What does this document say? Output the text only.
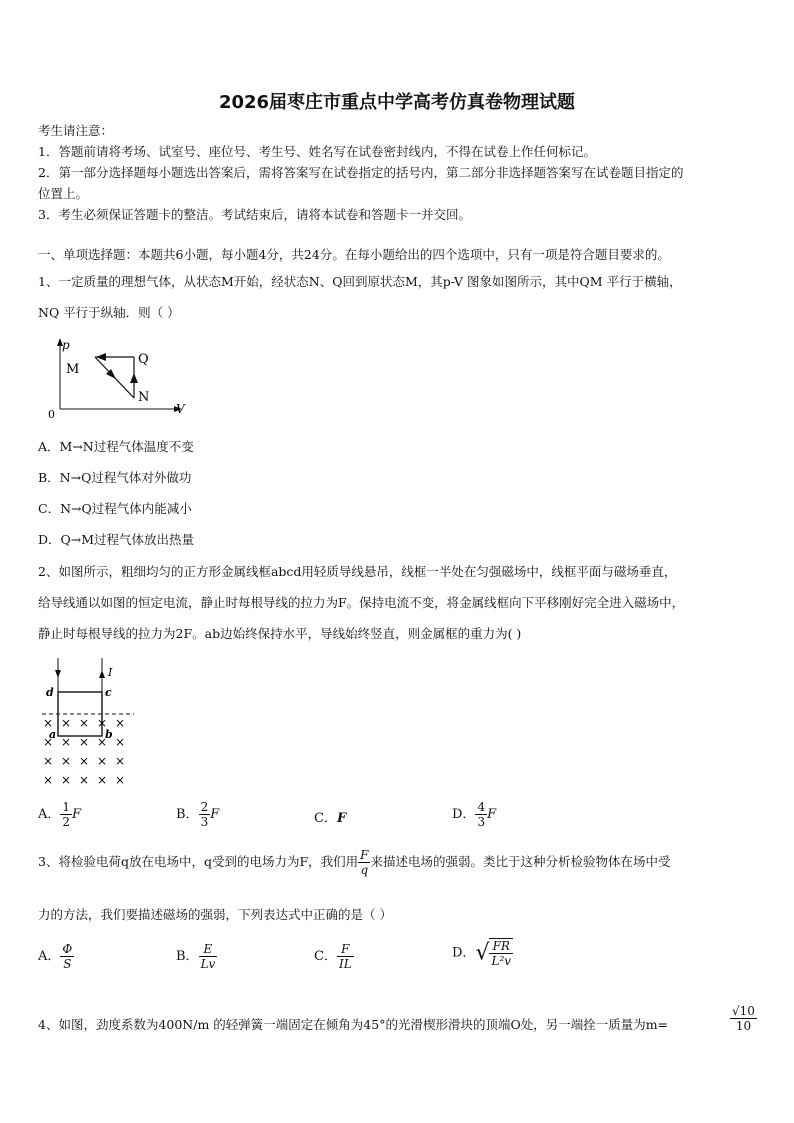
2026届枣庄市重点中学高考仿真卷物理试题
考生请注意：
1．答题前请将考场、试室号、座位号、考生号、姓名写在试卷密封线内，不得在试卷上作任何标记。
2．第一部分选择题每小题选出答案后，需将答案写在试卷指定的括号内，第二部分非选择题答案写在试卷题目指定的
位置上。
3．考生必须保证答题卡的整洁。考试结束后，请将本试卷和答题卡一并交回。
一、单项选择题：本题共6小题，每小题4分，共24分。在每小题给出的四个选项中，只有一项是符合题目要求的。
1、一定质量的理想气体，从状态M开始，经状态N、Q回到原状态M，其p-V 图象如图所示，其中QM 平行于横轴，
NQ 平行于纵轴．则（ ）
p
V
0
M
N
Q
A．M→N过程气体温度不变
B．N→Q过程气体对外做功
C．N→Q过程气体内能减小
D．Q→M过程气体放出热量
2、如图所示，粗细均匀的正方形金属线框abcd用轻质导线悬吊，线框一半处在匀强磁场中，线框平面与磁场垂直，
给导线通以如图的恒定电流，静止时每根导线的拉力为F。保持电流不变，将金属线框向下平移刚好完全进入磁场中，
静止时每根导线的拉力为2F。ab边始终保持水平，导线始终竖直，则金属框的重力为( )
I
d	c
a	b
× × × × ×
× × × × ×
× × × × ×
× × × × ×
A． $\frac{1}{2}$ F	B． $\frac{2}{3}$ F	C．F	D． $\frac{4}{3}$ F
3、将检验电荷q放在电场中，q受到的电场力为F，我们用 $\frac{F}{q}$ 来描述电场的强弱。类比于这种分析检验物体在场中受
力的方法，我们要描述磁场的强弱，下列表达式中正确的是（ ）
A． $\frac{\Phi}{S}$	B． $\frac{E}{Lv}$	C． $\frac{F}{IL}$	D．√ $\frac{FR}{\text{L²v}}$
4、如图，劲度系数为400N/m 的轻弹簧一端固定在倾角为45°的光滑楔形滑块的顶端O处，另一端拴一质量为m=	$\frac{√10}{10}$
